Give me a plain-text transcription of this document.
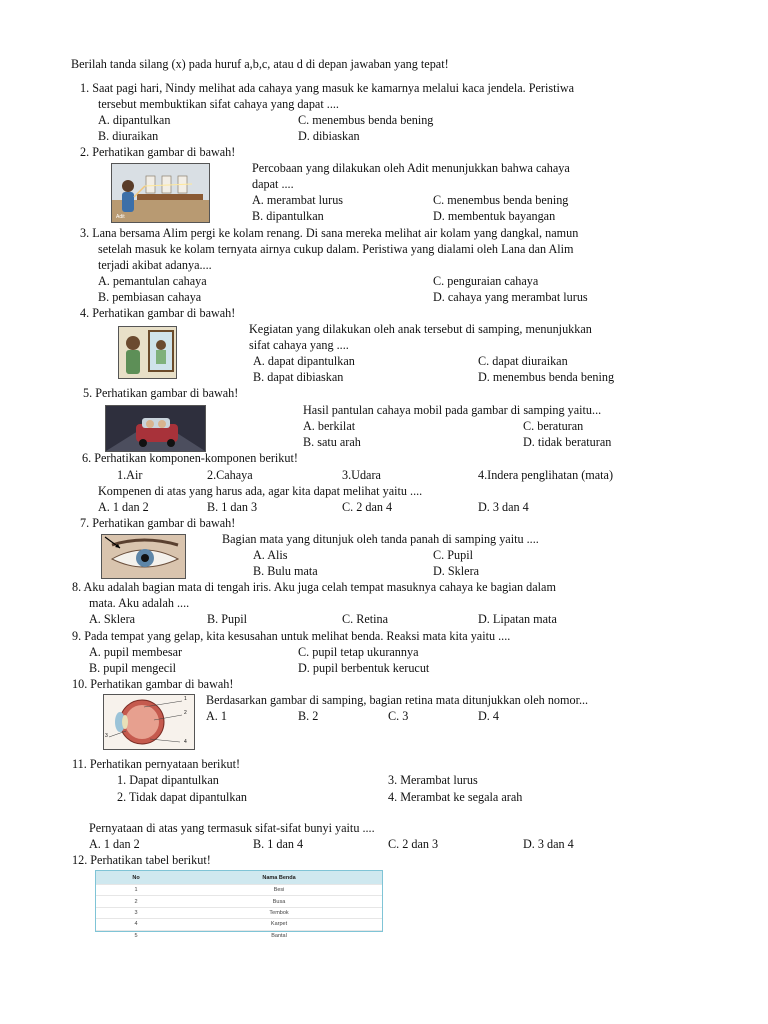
Berilah tanda silang (x) pada huruf a,b,c, atau d di depan jawaban yang tepat!
1. Saat pagi hari, Nindy melihat ada cahaya yang masuk ke kamarnya melalui kaca jendela. Peristiwa
tersebut membuktikan sifat cahaya yang dapat ....
A. dipantulkan	C. menembus benda bening
B. diuraikan	D. dibiaskan
2. Perhatikan gambar di bawah!
Adit
Percobaan yang dilakukan oleh Adit menunjukkan bahwa cahaya
dapat ....
A. merambat lurus	C. menembus benda bening
B. dipantulkan	D. membentuk bayangan
3. Lana bersama Alim pergi ke kolam renang. Di sana mereka melihat air kolam yang dangkal, namun
setelah masuk ke kolam ternyata airnya cukup dalam. Peristiwa yang dialami oleh Lana dan Alim
terjadi akibat adanya....
A. pemantulan cahaya	C. penguraian cahaya
B. pembiasan cahaya	D. cahaya yang merambat lurus
4. Perhatikan gambar di bawah!
Kegiatan yang dilakukan oleh anak tersebut di samping, menunjukkan
sifat cahaya yang ....
A. dapat dipantulkan	C. dapat diuraikan
B. dapat dibiaskan	D. menembus benda bening
5. Perhatikan gambar di bawah!
Hasil pantulan cahaya mobil pada gambar di samping yaitu...
A. berkilat	C. beraturan
B. satu arah	D. tidak beraturan
6. Perhatikan komponen-komponen berikut!
1.Air	2.Cahaya	3.Udara	4.Indera penglihatan (mata)
Kompenen di atas yang harus ada, agar kita dapat melihat yaitu ....
A. 1 dan 2	B. 1 dan 3	C. 2 dan 4	D. 3 dan 4
7. Perhatikan gambar di bawah!
Bagian mata yang ditunjuk oleh tanda panah di samping yaitu ....
A. Alis	C. Pupil
B. Bulu mata	D. Sklera
8. Aku adalah bagian mata di tengah iris. Aku juga celah tempat masuknya cahaya ke bagian dalam
mata. Aku adalah ....
A. Sklera	B. Pupil	C. Retina	D. Lipatan mata
9. Pada tempat yang gelap, kita kesusahan untuk melihat benda. Reaksi mata kita yaitu ....
A. pupil membesar	C. pupil tetap ukurannya
B. pupil mengecil	D. pupil berbentuk kerucut
10. Perhatikan gambar di bawah!
1
2
3
4
Berdasarkan gambar di samping, bagian retina mata ditunjukkan oleh nomor...
A. 1	B. 2	C. 3	D. 4
11. Perhatikan pernyataan berikut!
1. Dapat dipantulkan	3. Merambat lurus
2. Tidak dapat dipantulkan	4. Merambat ke segala arah
Pernyataan di atas yang termasuk sifat-sifat bunyi yaitu ....
A. 1 dan 2	B. 1 dan 4	C. 2 dan 3	D. 3 dan 4
12. Perhatikan tabel berikut!
No	Nama Benda
1	Besi
2	Busa
3	Tembok
4	Karpet
5	Bantal
